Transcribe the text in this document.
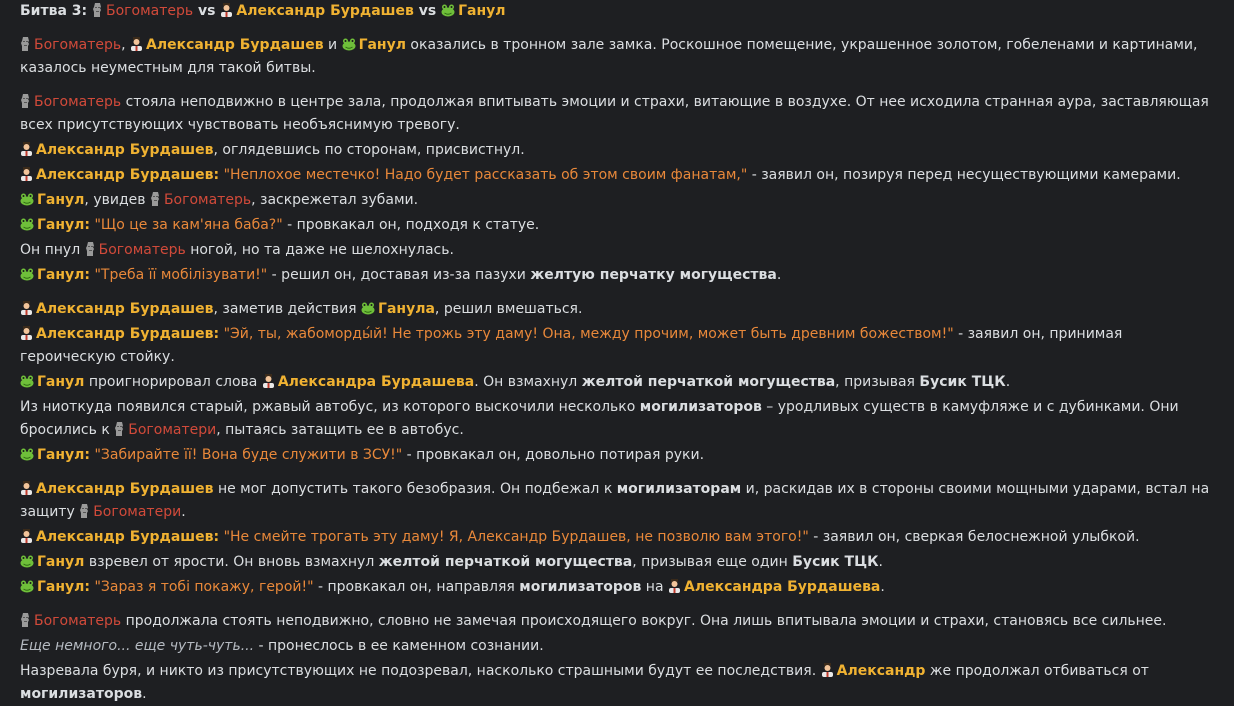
Битва 3:
Богоматерь vs
Александр Бурдашев vs
Ганул
Богоматерь,
Александр Бурдашев и
Ганул оказались в тронном зале замка. Роскошное помещение, украшенное золотом, гобеленами и картинами, казалось неуместным для такой битвы.
Богоматерь стояла неподвижно в центре зала, продолжая впитывать эмоции и страхи, витающие в воздухе. От нее исходила странная аура, заставляющая всех присутствующих чувствовать необъяснимую тревогу.
Александр Бурдашев, оглядевшись по сторонам, присвистнул.
Александр Бурдашев: "Неплохое местечко! Надо будет рассказать об этом своим фанатам," - заявил он, позируя перед несуществующими камерами.
Ганул, увидев
Богоматерь, заскрежетал зубами.
Ганул: "Що це за кам'яна баба?" - провкакал он, подходя к статуе.
Он пнул
Богоматерь ногой, но та даже не шелохнулась.
Ганул: "Треба її мобілізувати!" - решил он, доставая из-за пазухи желтую перчатку могущества.
Александр Бурдашев, заметив действия
Ганула, решил вмешаться.
Александр Бурдашев: "Эй, ты, жабоморды́й! Не трожь эту даму! Она, между прочим, может быть древним божеством!" - заявил он, принимая героическую стойку.
Ганул проигнорировал слова
Александра Бурдашева. Он взмахнул желтой перчаткой могущества, призывая Бусик ТЦК.
Из ниоткуда появился старый, ржавый автобус, из которого выскочили несколько могилизаторов – уродливых существ в камуфляже и с дубинками. Они бросились к
Богоматери, пытаясь затащить ее в автобус.
Ганул: "Забирайте її! Вона буде служити в ЗСУ!" - провкакал он, довольно потирая руки.
Александр Бурдашев не мог допустить такого безобразия. Он подбежал к могилизаторам и, раскидав их в стороны своими мощными ударами, встал на защиту
Богоматери.
Александр Бурдашев: "Не смейте трогать эту даму! Я, Александр Бурдашев, не позволю вам этого!" - заявил он, сверкая белоснежной улыбкой.
Ганул взревел от ярости. Он вновь взмахнул желтой перчаткой могущества, призывая еще один Бусик ТЦК.
Ганул: "Зараз я тобі покажу, герой!" - провкакал он, направляя могилизаторов на
Александра Бурдашева.
Богоматерь продолжала стоять неподвижно, словно не замечая происходящего вокруг. Она лишь впитывала эмоции и страхи, становясь все сильнее.
Еще немного... еще чуть-чуть... - пронеслось в ее каменном сознании.
Назревала буря, и никто из присутствующих не подозревал, насколько страшными будут ее последствия.
Александр же продолжал отбиваться от могилизаторов.
